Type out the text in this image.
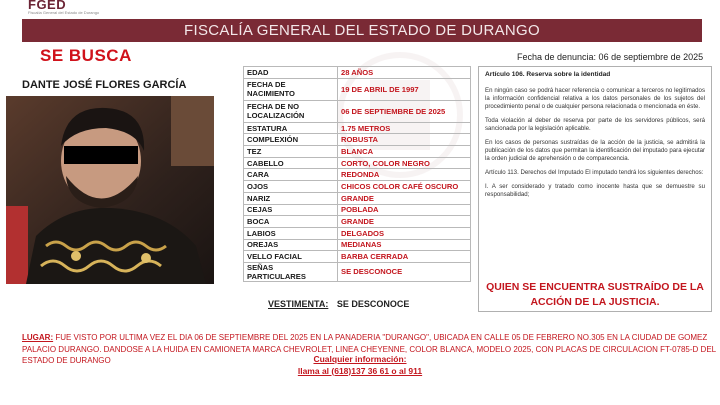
FGED
Fiscalía General del Estado de Durango
FISCALÍA GENERAL DEL ESTADO DE DURANGO
SE BUSCA	Fecha de denuncia: 06 de septiembre de 2025
DANTE JOSÉ FLORES GARCÍA
EDAD	28 AÑOS
FECHA DE NACIMIENTO	19 DE ABRIL DE 1997
FECHA DE NO LOCALIZACIÓN	06 DE SEPTIEMBRE DE 2025
ESTATURA	1.75 METROS
COMPLEXIÓN	ROBUSTA
TEZ	BLANCA
CABELLO	CORTO, COLOR NEGRO
CARA	REDONDA
OJOS	CHICOS COLOR CAFÉ OSCURO
NARIZ	GRANDE
CEJAS	POBLADA
BOCA	GRANDE
LABIOS	DELGADOS
OREJAS	MEDIANAS
VELLO FACIAL	BARBA CERRADA
SEÑAS PARTICULARES	SE DESCONOCE
Artículo 106. Reserva sobre la identidad

En ningún caso se podrá hacer referencia o comunicar a terceros no legitimados la información confidencial relativa a los datos personales de los sujetos del procedimiento penal o de cualquier persona relacionada o mencionada en éste.

Toda violación al deber de reserva por parte de los servidores públicos, será sancionada por la legislación aplicable.

En los casos de personas sustraídas de la acción de la justicia, se admitirá la publicación de los datos que permitan la identificación del imputado para ejecutar la orden judicial de aprehensión o de comparecencia.

Artículo 113. Derechos del Imputado El imputado tendrá los siguientes derechos:

I. A ser considerado y tratado como inocente hasta que se demuestre su responsabilidad;

QUIEN SE ENCUENTRA SUSTRAÍDO DE LA
ACCIÓN DE LA JUSTICIA.
VESTIMENTA: SE DESCONOCE
LUGAR: FUE VISTO POR ULTIMA VEZ EL DIA 06 DE SEPTIEMBRE DEL 2025 EN LA PANADERIA "DURANGO", UBICADA EN CALLE 05 DE FEBRERO NO.305 EN LA CIUDAD DE GOMEZ PALACIO DURANGO. DANDOSE A LA HUIDA EN CAMIONETA MARCA CHEVROLET, LINEA CHEYENNE, COLOR BLANCA, MODELO 2025, CON PLACAS DE CIRCULACION FT-0785-D DEL ESTADO DE DURANGO	Cualquier información:
llama al (618)137 36 61 o al 911
